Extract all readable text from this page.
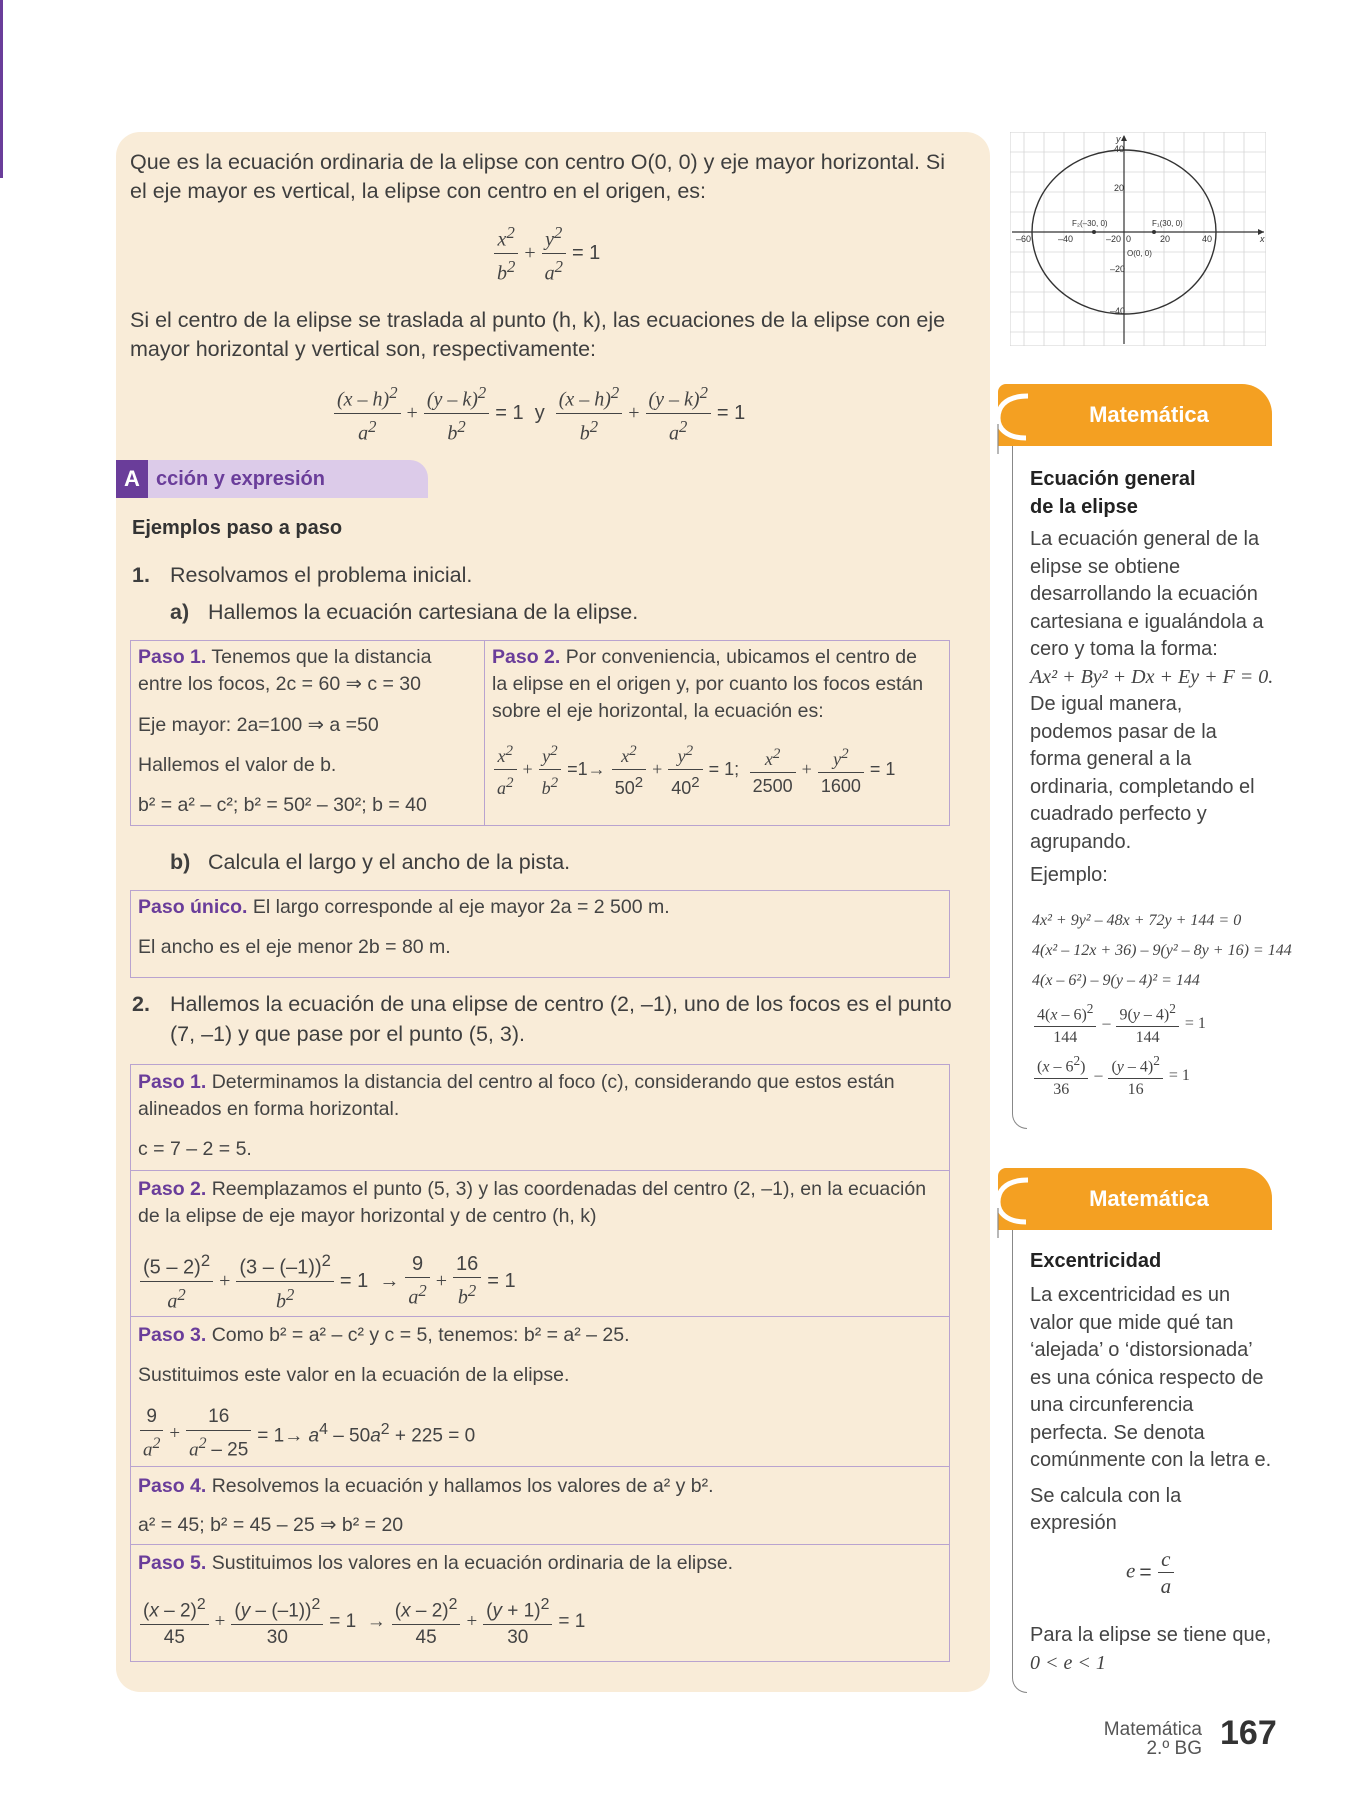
Que es la ecuación ordinaria de la elipse con centro O(0, 0) y eje mayor horizontal. Si
el eje mayor es vertical, la elipse con centro en el origen, es:
$\frac{x^2}{b^2} + \frac{y^2}{a^2} = 1$
Si el centro de la elipse se traslada al punto (h, k), las ecuaciones de la elipse con eje
mayor horizontal y vertical son, respectivamente:
$\frac{(x - h)^2}{a^2} + \frac{(y - k)^2}{b^2} = 1$  y $\frac{(x - h)^2}{b^2} + \frac{(y - k)^2}{a^2} = 1$
A cción y expresión
Ejemplos paso a paso
1. Resolvamos el problema inicial.
a) Hallemos la ecuación cartesiana de la elipse.
Paso 1. Tenemos que la distancia
entre los focos, 2c = 60 ⇒ c = 30
Eje mayor: 2a=100 ⇒ a =50
Hallemos el valor de b.
b² = a² – c²; b² = 50² – 30²; b = 40
Paso 2. Por conveniencia, ubicamos el centro de
la elipse en el origen y, por cuanto los focos están
sobre el eje horizontal, la ecuación es:
$\frac{x^2}{a^2} + \frac{y^2}{b^2} =1\to \frac{x^2}{50^2} + \frac{y^2}{40^2} = 1$; $\frac{x^2}{2500} + \frac{y^2}{1600} = 1$
b) Calcula el largo y el ancho de la pista.
Paso único. El largo corresponde al eje mayor 2a = 2 500 m.
El ancho es el eje menor 2b = 80 m.
2. Hallemos la ecuación de una elipse de centro (2, –1), uno de los focos es el punto
(7, –1) y que pase por el punto (5, 3).
Paso 1. Determinamos la distancia del centro al foco (c), considerando que estos están
alineados en forma horizontal.
c = 7 – 2 = 5.
Paso 2. Reemplazamos el punto (5, 3) y las coordenadas del centro (2, –1), en la ecuación
de la elipse de eje mayor horizontal y de centro (h, k)
$\frac{(5 - 2)^2}{a^2} + \frac{(3 - (-1))^2}{b^2} = 1 \to \frac{9}{a^2} + \frac{16}{b^2} = 1$
Paso 3. Como b² = a² – c² y c = 5, tenemos: b² = a² – 25.
Sustituimos este valor en la ecuación de la elipse.
$\frac{9}{a^2} + \frac{16}{a^2 - 25} = 1\to a^4 - 50a^2 + 225 = 0$
Paso 4. Resolvemos la ecuación y hallamos los valores de a² y b².
a² = 45; b² = 45 – 25 ⇒ b² = 20
Paso 5. Sustituimos los valores en la ecuación ordinaria de la elipse.
$\frac{(x - 2)^2}{45} + \frac{(y - (-1))^2}{30} = 1 \to \frac{(x - 2)^2}{45} + \frac{(y + 1)^2}{30} = 1$
–60	–40	–20 0	20	40
40
20
–20
–40
x
y
F₂(–30, 0)	F₁(30, 0)
O(0, 0)
Matemática
Ecuación general
de la elipse
La ecuación general de la
elipse se obtiene
desarrollando la ecuación
cartesiana e igualándola a
cero y toma la forma:
Ax² + By² + Dx + Ey + F = 0.
De igual manera,
podemos pasar de la
forma general a la
ordinaria, completando el
cuadrado perfecto y
agrupando.
Ejemplo:
4x² + 9y² – 48x + 72y + 144 = 0
4(x² – 12x + 36) – 9(y² – 8y + 16) = 144
4(x – 6²) – 9(y – 4)² = 144
$\frac{4(x - 6)^2}{144} - \frac{9(y - 4)^2}{144} = 1$
$\frac{(x - 6^2)}{36} - \frac{(y - 4)^2}{16} = 1$
Matemática
Excentricidad
La excentricidad es un
valor que mide qué tan
‘alejada’ o ‘distorsionada’
es una cónica respecto de
una circunferencia
perfecta. Se denota
comúnmente con la letra e.
Se calcula con la
expresión
$e = \frac{c}{a}$
Para la elipse se tiene que,
0 < e < 1
Matemática
2.º BG 167
